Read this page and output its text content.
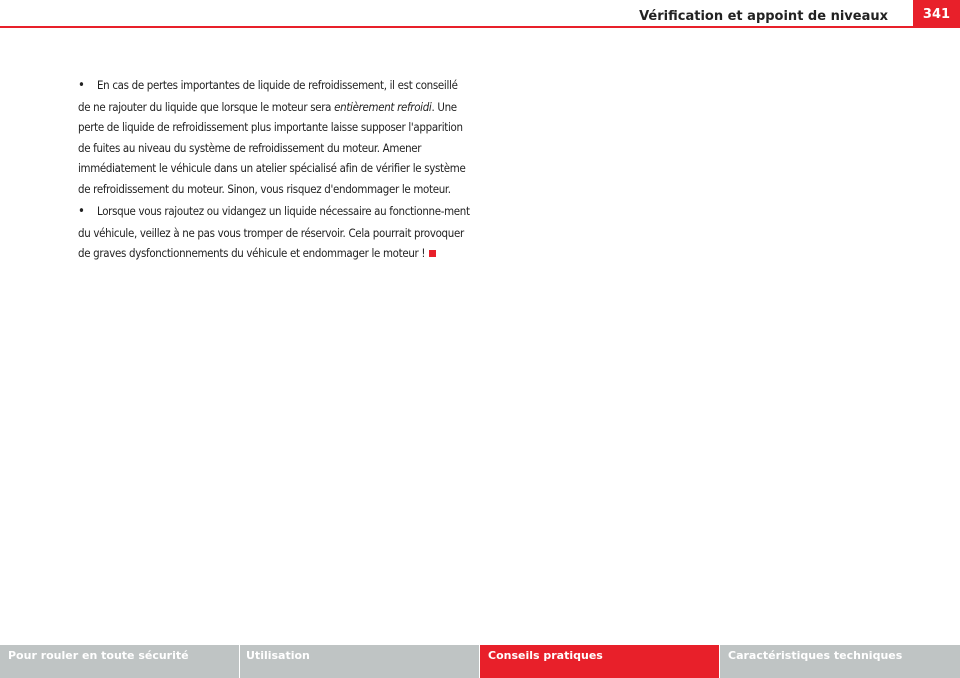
Vérification et appoint de niveaux	341

• En cas de pertes importantes de liquide de refroidissement, il est conseillé de ne rajouter du liquide que lorsque le moteur sera entièrement refroidi. Une perte de liquide de refroidissement plus importante laisse supposer l'apparition de fuites au niveau du système de refroidissement du moteur. Amener immédiatement le véhicule dans un atelier spécialisé afin de vérifier le système de refroidissement du moteur. Sinon, vous risquez d'endommager le moteur.

• Lorsque vous rajoutez ou vidangez un liquide nécessaire au fonctionne-ment du véhicule, veillez à ne pas vous tromper de réservoir. Cela pourrait provoquer de graves dysfonctionnements du véhicule et endommager le moteur !

Pour rouler en toute sécurité	Utilisation	Conseils pratiques	Caractéristiques techniques
